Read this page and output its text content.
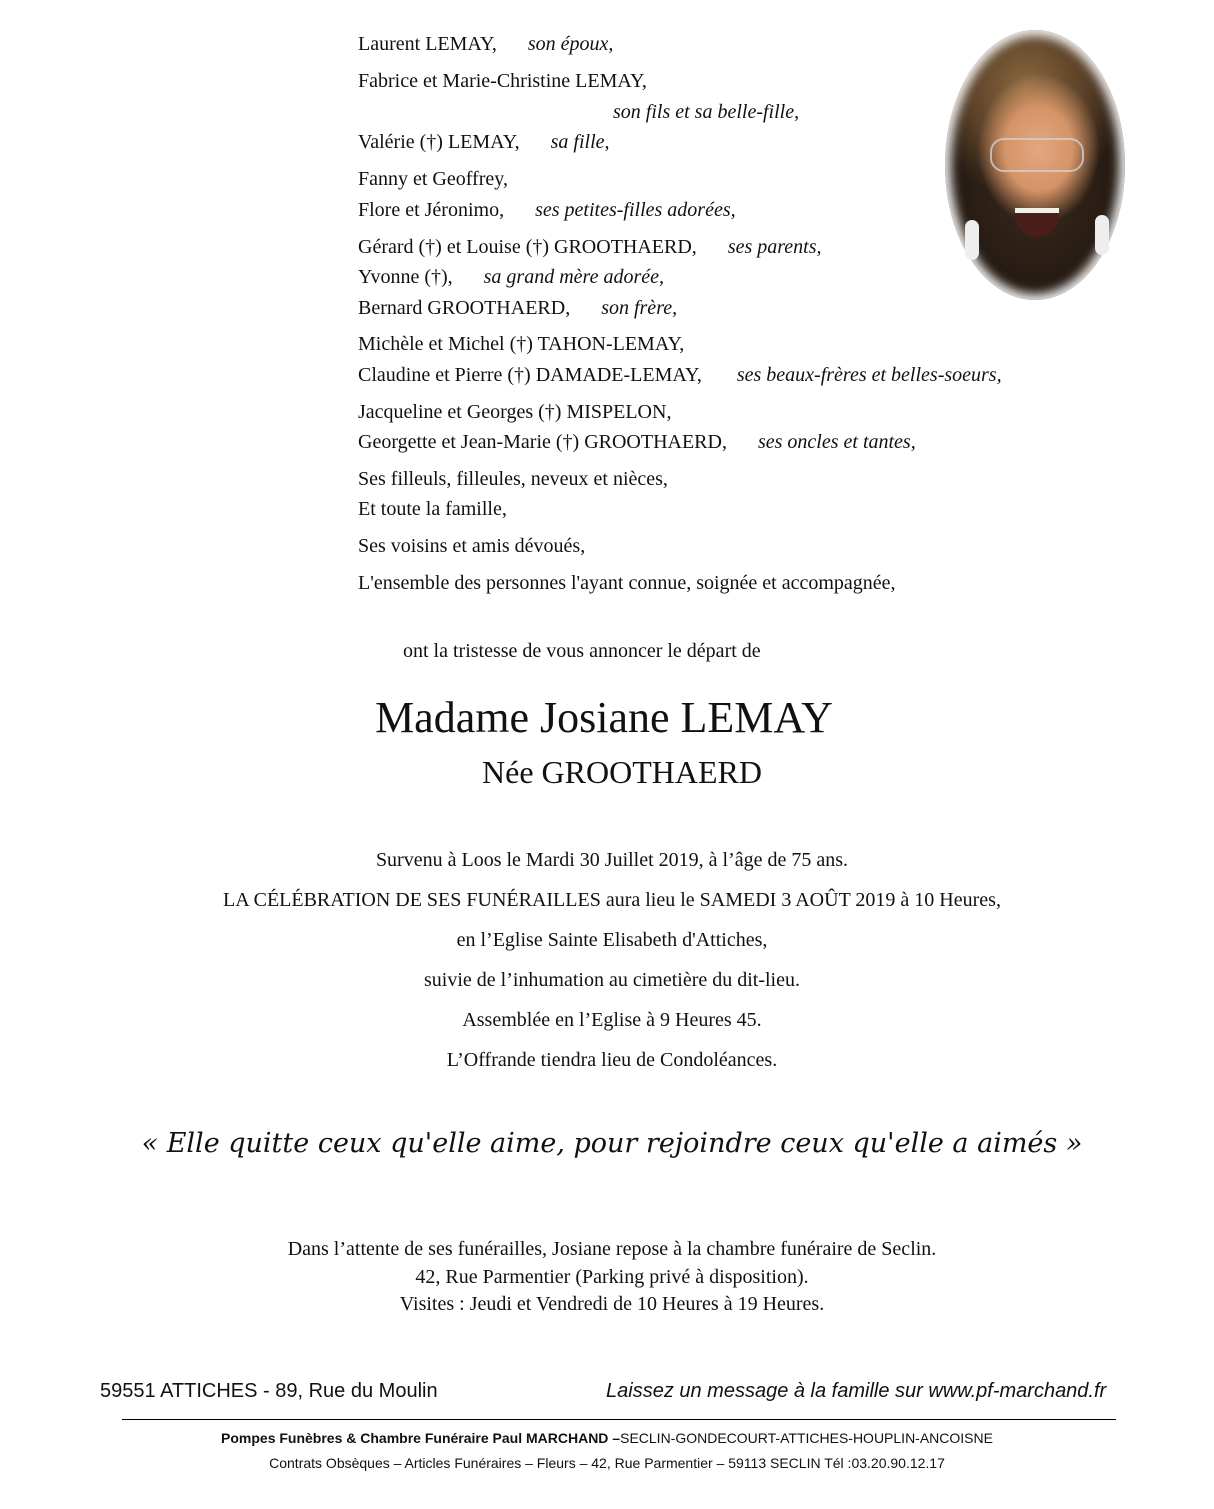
Laurent LEMAY, son époux,
Fabrice et Marie-Christine LEMAY,
son fils et sa belle-fille,
Valérie (†) LEMAY, sa fille,
Fanny et Geoffrey,
Flore et Jéronimo, ses petites-filles adorées,
Gérard (†) et Louise (†) GROOTHAERD, ses parents,
Yvonne (†), sa grand mère adorée,
Bernard GROOTHAERD, son frère,
Michèle et Michel (†) TAHON-LEMAY,
Claudine et Pierre (†) DAMADE-LEMAY, ses beaux-frères et belles-soeurs,
Jacqueline et Georges (†) MISPELON,
Georgette et Jean-Marie (†) GROOTHAERD, ses oncles et tantes,
Ses filleuls, filleules, neveux et nièces,
Et toute la famille,
Ses voisins et amis dévoués,
L'ensemble des personnes l'ayant connue, soignée et accompagnée,
ont la tristesse de vous annoncer le départ de
Madame Josiane LEMAY
Née GROOTHAERD
Survenu à Loos le Mardi 30 Juillet 2019, à l’âge de 75 ans.
LA CÉLÉBRATION DE SES FUNÉRAILLES aura lieu le SAMEDI 3 AOÛT 2019 à 10 Heures,
en l’Eglise Sainte Elisabeth d'Attiches,
suivie de l’inhumation au cimetière du dit-lieu.
Assemblée en l’Eglise à 9 Heures 45.
L’Offrande tiendra lieu de Condoléances.
« Elle quitte ceux qu'elle aime, pour rejoindre ceux qu'elle a aimés »
Dans l’attente de ses funérailles, Josiane repose à la chambre funéraire de Seclin.
42, Rue Parmentier (Parking privé à disposition).
Visites : Jeudi et Vendredi de 10 Heures à 19 Heures.
59551 ATTICHES - 89, Rue du Moulin	Laissez un message à la famille sur www.pf-marchand.fr
Pompes Funèbres & Chambre Funéraire Paul MARCHAND –SECLIN-GONDECOURT-ATTICHES-HOUPLIN-ANCOISNE
Contrats Obsèques – Articles Funéraires – Fleurs – 42, Rue Parmentier – 59113 SECLIN Tél :03.20.90.12.17
